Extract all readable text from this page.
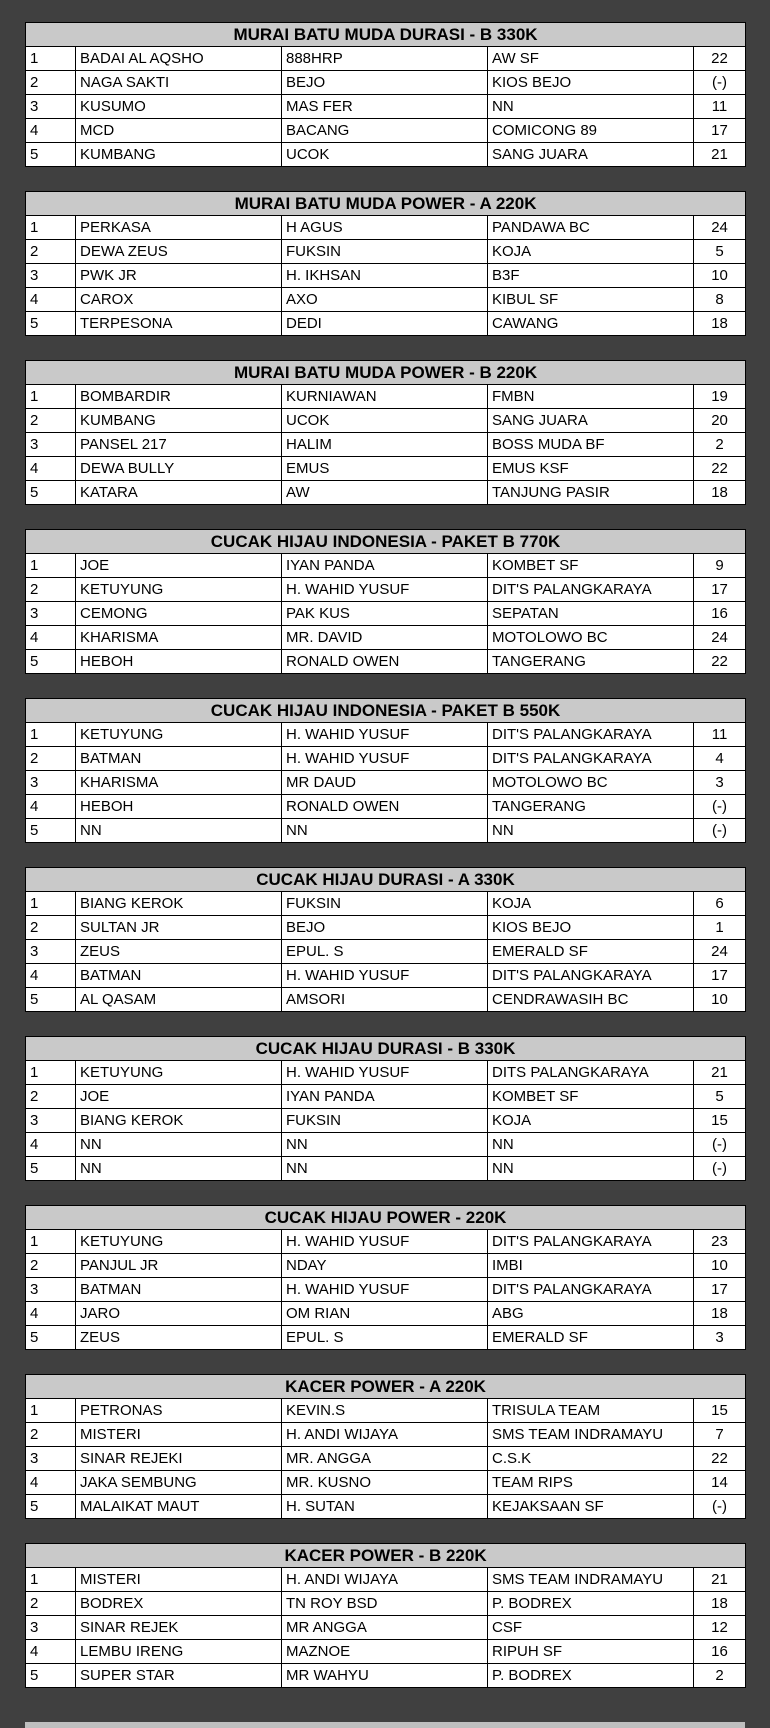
MURAI BATU MUDA DURASI - B 330K				
1	BADAI AL AQSHO	888HRP	AW SF	22
2	NAGA SAKTI	BEJO	KIOS BEJO	(-)
3	KUSUMO	MAS FER	NN	11
4	MCD	BACANG	COMICONG 89	17
5	KUMBANG	UCOK	SANG JUARA	21
MURAI BATU MUDA POWER - A 220K				
1	PERKASA	H AGUS	PANDAWA BC	24
2	DEWA ZEUS	FUKSIN	KOJA	5
3	PWK JR	H. IKHSAN	B3F	10
4	CAROX	AXO	KIBUL SF	8
5	TERPESONA	DEDI	CAWANG	18
MURAI BATU MUDA POWER - B 220K				
1	BOMBARDIR	KURNIAWAN	FMBN	19
2	KUMBANG	UCOK	SANG JUARA	20
3	PANSEL 217	HALIM	BOSS MUDA BF	2
4	DEWA BULLY	EMUS	EMUS KSF	22
5	KATARA	AW	TANJUNG PASIR	18
CUCAK HIJAU INDONESIA - PAKET B 770K				
1	JOE	IYAN PANDA	KOMBET SF	9
2	KETUYUNG	H. WAHID YUSUF	DIT'S PALANGKARAYA	17
3	CEMONG	PAK KUS	SEPATAN	16
4	KHARISMA	MR. DAVID	MOTOLOWO BC	24
5	HEBOH	RONALD OWEN	TANGERANG	22
CUCAK HIJAU INDONESIA - PAKET B 550K				
1	KETUYUNG	H. WAHID YUSUF	DIT'S PALANGKARAYA	11
2	BATMAN	H. WAHID YUSUF	DIT'S PALANGKARAYA	4
3	KHARISMA	MR DAUD	MOTOLOWO BC	3
4	HEBOH	RONALD OWEN	TANGERANG	(-)
5	NN	NN	NN	(-)
CUCAK HIJAU DURASI - A 330K				
1	BIANG KEROK	FUKSIN	KOJA	6
2	SULTAN JR	BEJO	KIOS BEJO	1
3	ZEUS	EPUL. S	EMERALD SF	24
4	BATMAN	H. WAHID YUSUF	DIT'S PALANGKARAYA	17
5	AL QASAM	AMSORI	CENDRAWASIH BC	10
CUCAK HIJAU DURASI - B 330K				
1	KETUYUNG	H. WAHID YUSUF	DITS PALANGKARAYA	21
2	JOE	IYAN PANDA	KOMBET SF	5
3	BIANG KEROK	FUKSIN	KOJA	15
4	NN	NN	NN	(-)
5	NN	NN	NN	(-)
CUCAK HIJAU POWER - 220K				
1	KETUYUNG	H. WAHID YUSUF	DIT'S PALANGKARAYA	23
2	PANJUL JR	NDAY	IMBI	10
3	BATMAN	H. WAHID YUSUF	DIT'S PALANGKARAYA	17
4	JARO	OM RIAN	ABG	18
5	ZEUS	EPUL. S	EMERALD SF	3
KACER POWER - A 220K				
1	PETRONAS	KEVIN.S	TRISULA TEAM	15
2	MISTERI	H. ANDI WIJAYA	SMS TEAM INDRAMAYU	7
3	SINAR REJEKI	MR. ANGGA	C.S.K	22
4	JAKA SEMBUNG	MR. KUSNO	TEAM RIPS	14
5	MALAIKAT MAUT	H. SUTAN	KEJAKSAAN SF	(-)
KACER POWER - B 220K				
1	MISTERI	H. ANDI WIJAYA	SMS TEAM INDRAMAYU	21
2	BODREX	TN ROY BSD	P. BODREX	18
3	SINAR REJEK	MR ANGGA	CSF	12
4	LEMBU IRENG	MAZNOE	RIPUH SF	16
5	SUPER STAR	MR WAHYU	P. BODREX	2
